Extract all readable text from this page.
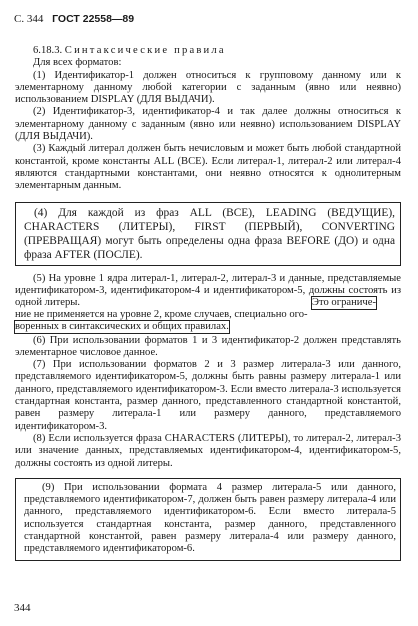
С. 344 ГОСТ 22558—89

6.18.3. Синтаксические правила

Для всех форматов:

(1) Идентификатор-1 должен относиться к групповому данному или к элементарному данному любой категории с заданным (явно или неявно) использованием DISPLAY (ДЛЯ ВЫДАЧИ).

(2) Идентификатор-3, идентификатор-4 и так далее должны относиться к элементарному данному с заданным (явно или неявно) использованием DISPLAY (ДЛЯ ВЫДАЧИ).

(3) Каждый литерал должен быть нечисловым и может быть любой стандартной константой, кроме константы ALL (ВСЕ). Если литерал-1, литерал-2 или литерал-4 являются стандартными константами, они неявно относятся к однолитерным элементарным данным.

(4) Для каждой из фраз ALL (ВСЕ), LEADING (ВЕДУЩИЕ), CHARACTERS (ЛИТЕРЫ), FIRST (ПЕРВЫЙ), CONVERTING (ПРЕВРАЩАЯ) могут быть определены одна фраза BEFORE (ДО) и одна фраза AFTER (ПОСЛЕ).

(5) На уровне 1 ядра литерал-1, литерал-2, литерал-3 и данные, представляемые идентификатором-3, идентификатором-4 и идентификатором-5, должны состоять из одной литеры.	Это ограниче-
ние не применяется на уровне 2, кроме случаев, специально ого-
воренных в синтаксических и общих правилах.

(6) При использовании форматов 1 и 3 идентификатор-2 должен представлять элементарное числовое данное.

(7) При использовании форматов 2 и 3 размер литерала-3 или данного, представляемого идентификатором-5, должны быть равны размеру литерала-1 или данного, представляемого идентификатором-3. Если вместо литерала-3 используется стандартная константа, размер данного, представленного стандартной константой, равен размеру литерала-1 или размеру данного, представляемого идентификатором-3.

(8) Если используется фраза CHARACTERS (ЛИТЕРЫ), то литерал-2, литерал-3 или значение данных, представляемых идентификатором-4, идентификатором-5, должны состоять из одной литеры.

(9) При использовании формата 4 размер литерала-5 или данного, представляемого идентификатором-7, должен быть равен размеру литерала-4 или данного, представляемого идентификатором-6. Если вместо литерала-5 используется стандартная константа, размер данного, представленного стандартной константой, равен размеру литерала-4 или размеру данного, представляемого идентификатором-6.

344
